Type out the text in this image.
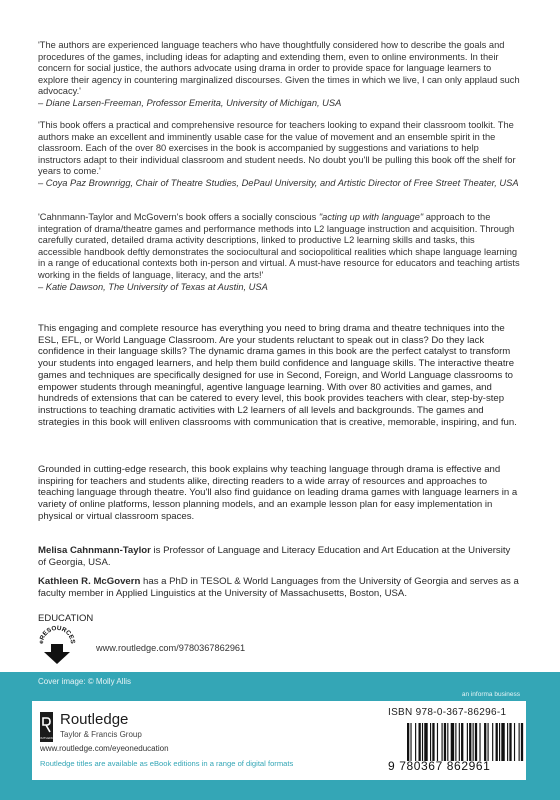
'The authors are experienced language teachers who have thoughtfully considered how to describe the goals and procedures of the games, including ideas for adapting and extending them, even to online environments. In their concern for social justice, the authors advocate using drama in order to provide space for language learners to explore their agency in countering marginalized discourses. Given the times in which we live, I can only applaud such advocacy.'
– Diane Larsen-Freeman, Professor Emerita, University of Michigan, USA
'This book offers a practical and comprehensive resource for teachers looking to expand their classroom toolkit. The authors make an excellent and imminently usable case for the value of movement and an ensemble spirit in the classroom. Each of the over 80 exercises in the book is accompanied by suggestions and variations to help instructors adapt to their individual classroom and student needs. No doubt you'll be pulling this book off the shelf for years to come.'
– Coya Paz Brownrigg, Chair of Theatre Studies, DePaul University, and Artistic Director of Free Street Theater, USA
'Cahnmann-Taylor and McGovern's book offers a socially conscious "acting up with language" approach to the integration of drama/theatre games and performance methods into L2 language instruction and acquisition. Through carefully curated, detailed drama activity descriptions, linked to productive L2 learning skills and tasks, this accessible handbook deftly demonstrates the sociocultural and sociopolitical realities which shape language learning in a range of educational contexts both in-person and virtual. A must-have resource for educators and teaching artists working in the fields of language, literacy, and the arts!'
– Katie Dawson, The University of Texas at Austin, USA
This engaging and complete resource has everything you need to bring drama and theatre techniques into the ESL, EFL, or World Language Classroom. Are your students reluctant to speak out in class? Do they lack confidence in their language skills? The dynamic drama games in this book are the perfect catalyst to transform your students into engaged learners, and help them build confidence and language skills. The interactive theatre games and techniques are specifically designed for use in Second, Foreign, and World Language classrooms to empower students through meaningful, agentive language learning. With over 80 activities and games, and hundreds of extensions that can be catered to every level, this book provides teachers with clear, step-by-step instructions to teaching dramatic activities with L2 learners of all levels and backgrounds. The games and strategies in this book will enliven classrooms with communication that is creative, memorable, inspiring, and fun.
Grounded in cutting-edge research, this book explains why teaching language through drama is effective and inspiring for teachers and students alike, directing readers to a wide array of resources and approaches to teaching language through theatre. You'll also find guidance on leading drama games with language learners in a variety of online platforms, lesson planning models, and an example lesson plan for easy implementation in physical or virtual classroom spaces.
Melisa Cahnmann-Taylor is Professor of Language and Literacy Education and Art Education at the University of Georgia, USA.
Kathleen R. McGovern has a PhD in TESOL & World Languages from the University of Georgia and serves as a faculty member in Applied Linguistics at the University of Massachusetts, Boston, USA.
EDUCATION
eRESOURCES
www.routledge.com/9780367862961
Cover image: © Molly Allis
an informa business
ROUTLEDGE
Routledge
Taylor & Francis Group
www.routledge.com/eyeoneducation
Routledge titles are available as eBook editions in a range of digital formats
ISBN 978-0-367-86296-1
9 780367 862961
